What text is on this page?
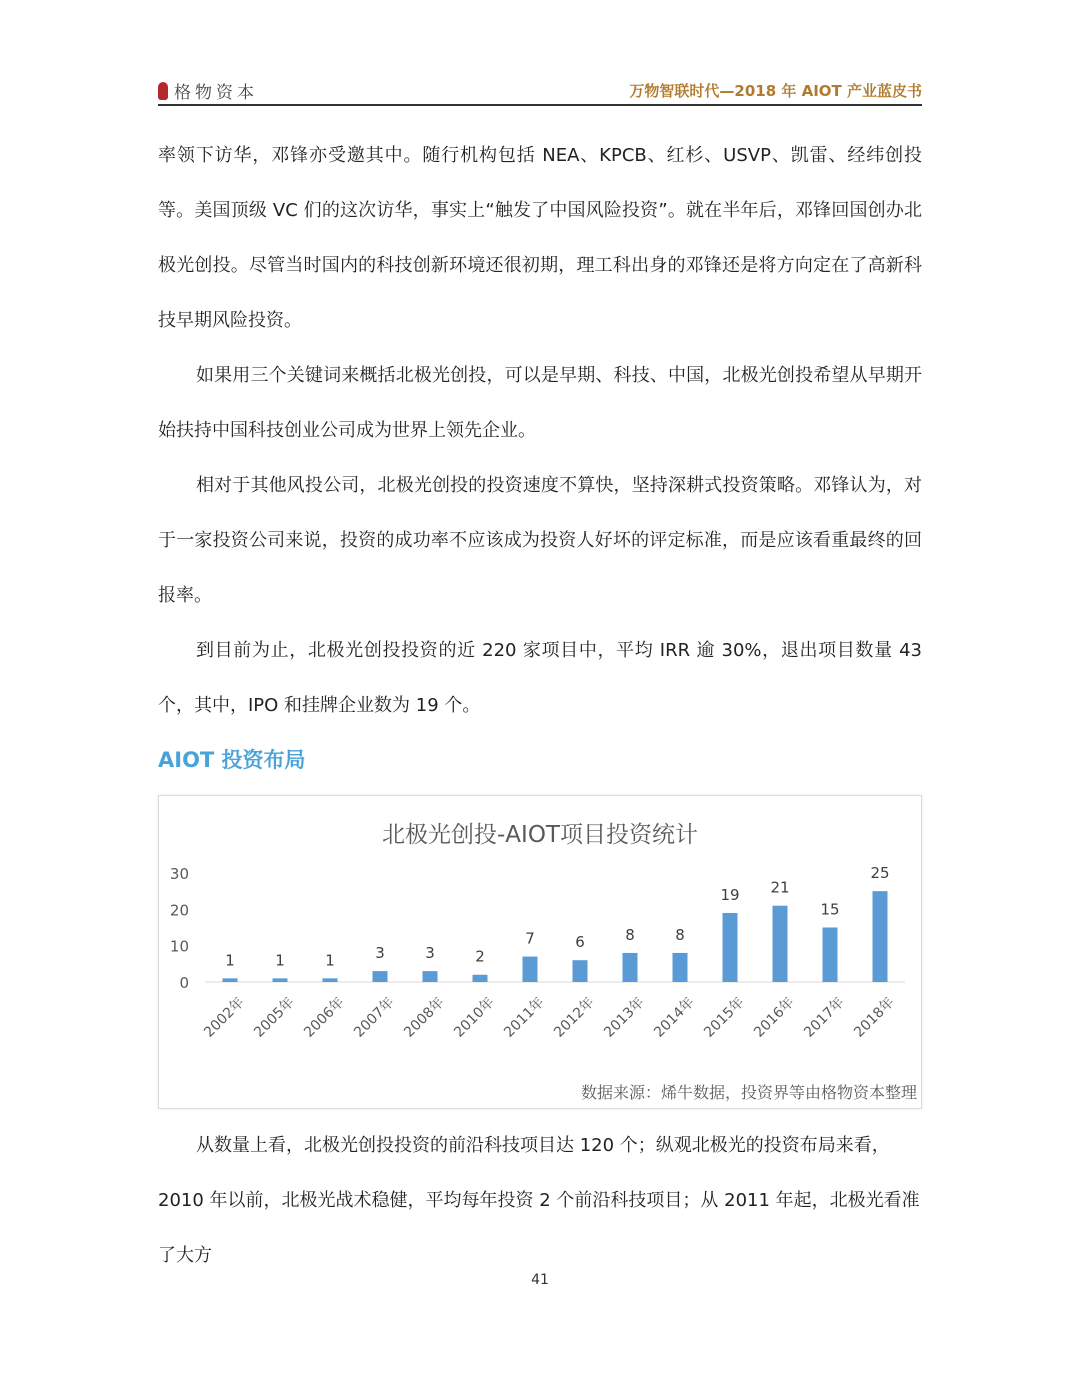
格物资本	万物智联时代—2018 年 AIOT 产业蓝皮书

率领下访华，邓锋亦受邀其中。随行机构包括 NEA、KPCB、红杉、USVP、凯雷、经纬创投等。美国顶级 VC 们的这次访华，事实上“触发了中国风险投资”。就在半年后，邓锋回国创办北极光创投。尽管当时国内的科技创新环境还很初期，理工科出身的邓锋还是将方向定在了高新科技早期风险投资。

如果用三个关键词来概括北极光创投，可以是早期、科技、中国，北极光创投希望从早期开始扶持中国科技创业公司成为世界上领先企业。

相对于其他风投公司，北极光创投的投资速度不算快，坚持深耕式投资策略。邓锋认为，对于一家投资公司来说，投资的成功率不应该成为投资人好坏的评定标准，而是应该看重最终的回报率。

到目前为止，北极光创投投资的近 220 家项目中，平均 IRR 逾 30%，退出项目数量 43 个，其中，IPO 和挂牌企业数为 19 个。

AIOT 投资布局
北极光创投-AIOT项目投资统计
0
10
20
30
1	1	1	3	3	2
7	6	8	8
19 21
15
25
2002年 2005年 2006年 2007年 2008年 2010年 2011年 2012年 2013年 2014年 2015年 2016年 2017年 2018年
数据来源：烯牛数据，投资界等由格物资本整理

从数量上看，北极光创投投资的前沿科技项目达 120 个；纵观北极光的投资布局来看，2010 年以前，北极光战术稳健，平均每年投资 2 个前沿科技项目；从 2011 年起，北极光看准了大方

41
